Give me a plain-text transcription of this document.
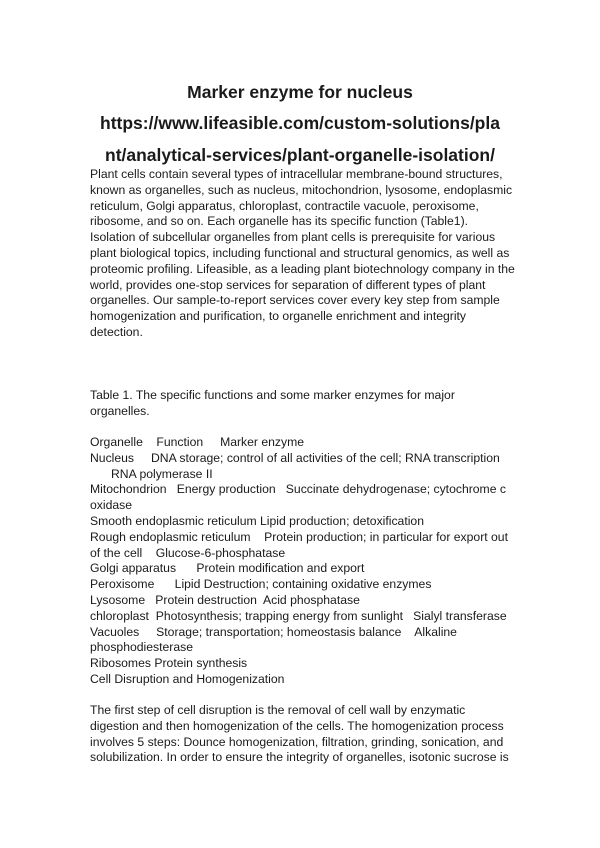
Marker enzyme for nucleus
https://www.lifeasible.com/custom-solutions/pla
nt/analytical-services/plant-organelle-isolation/
Plant cells contain several types of intracellular membrane-bound structures,
known as organelles, such as nucleus, mitochondrion, lysosome, endoplasmic
reticulum, Golgi apparatus, chloroplast, contractile vacuole, peroxisome,
ribosome, and so on. Each organelle has its specific function (Table1).
Isolation of subcellular organelles from plant cells is prerequisite for various
plant biological topics, including functional and structural genomics, as well as
proteomic profiling. Lifeasible, as a leading plant biotechnology company in the
world, provides one-stop services for separation of different types of plant
organelles. Our sample-to-report services cover every key step from sample
homogenization and purification, to organelle enrichment and integrity
detection.
Table 1. The specific functions and some marker enzymes for major
organelles.
Organelle    Function     Marker enzyme
Nucleus     DNA storage; control of all activities of the cell; RNA transcription
RNA polymerase II
Mitochondrion   Energy production   Succinate dehydrogenase; cytochrome c
oxidase
Smooth endoplasmic reticulum Lipid production; detoxification
Rough endoplasmic reticulum    Protein production; in particular for export out
of the cell    Glucose-6-phosphatase
Golgi apparatus      Protein modification and export
Peroxisome      Lipid Destruction; containing oxidative enzymes
Lysosome   Protein destruction  Acid phosphatase
chloroplast  Photosynthesis; trapping energy from sunlight   Sialyl transferase
Vacuoles     Storage; transportation; homeostasis balance    Alkaline
phosphodiesterase
Ribosomes Protein synthesis
Cell Disruption and Homogenization
The first step of cell disruption is the removal of cell wall by enzymatic
digestion and then homogenization of the cells. The homogenization process
involves 5 steps: Dounce homogenization, filtration, grinding, sonication, and
solubilization. In order to ensure the integrity of organelles, isotonic sucrose is
